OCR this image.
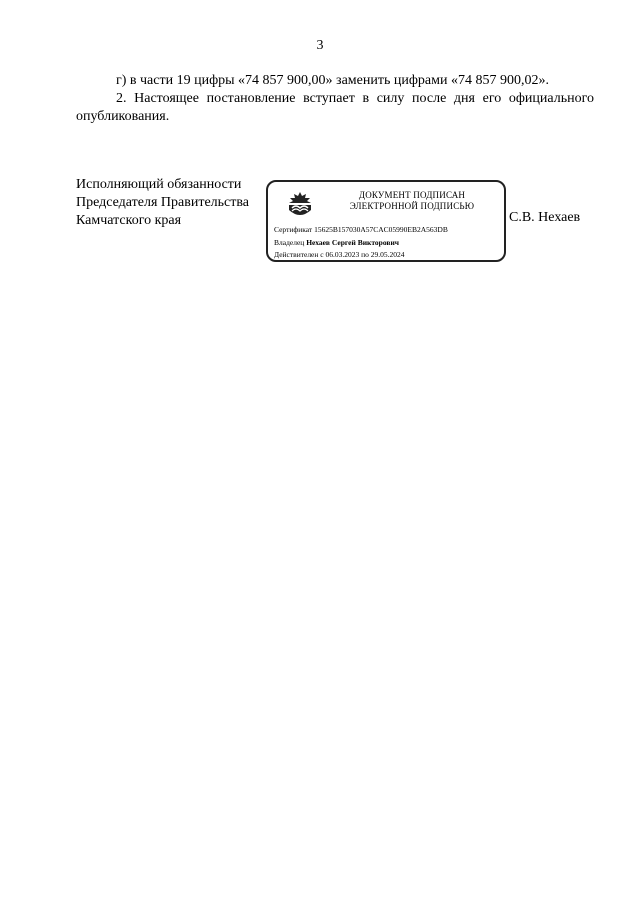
3
г) в части 19 цифры «74 857 900,00» заменить цифрами «74 857 900,02».
2. Настоящее постановление вступает в силу после дня его официального опубликования.
Исполняющий обязанности
Председателя Правительства
Камчатского края
ДОКУМЕНТ ПОДПИСАН
ЭЛЕКТРОННОЙ ПОДПИСЬЮ
Сертификат 15625B157030A57CAC05990EB2A563DB
Владелец Нехаев Сергей Викторович
Действителен с 06.03.2023 по 29.05.2024
С.В. Нехаев
